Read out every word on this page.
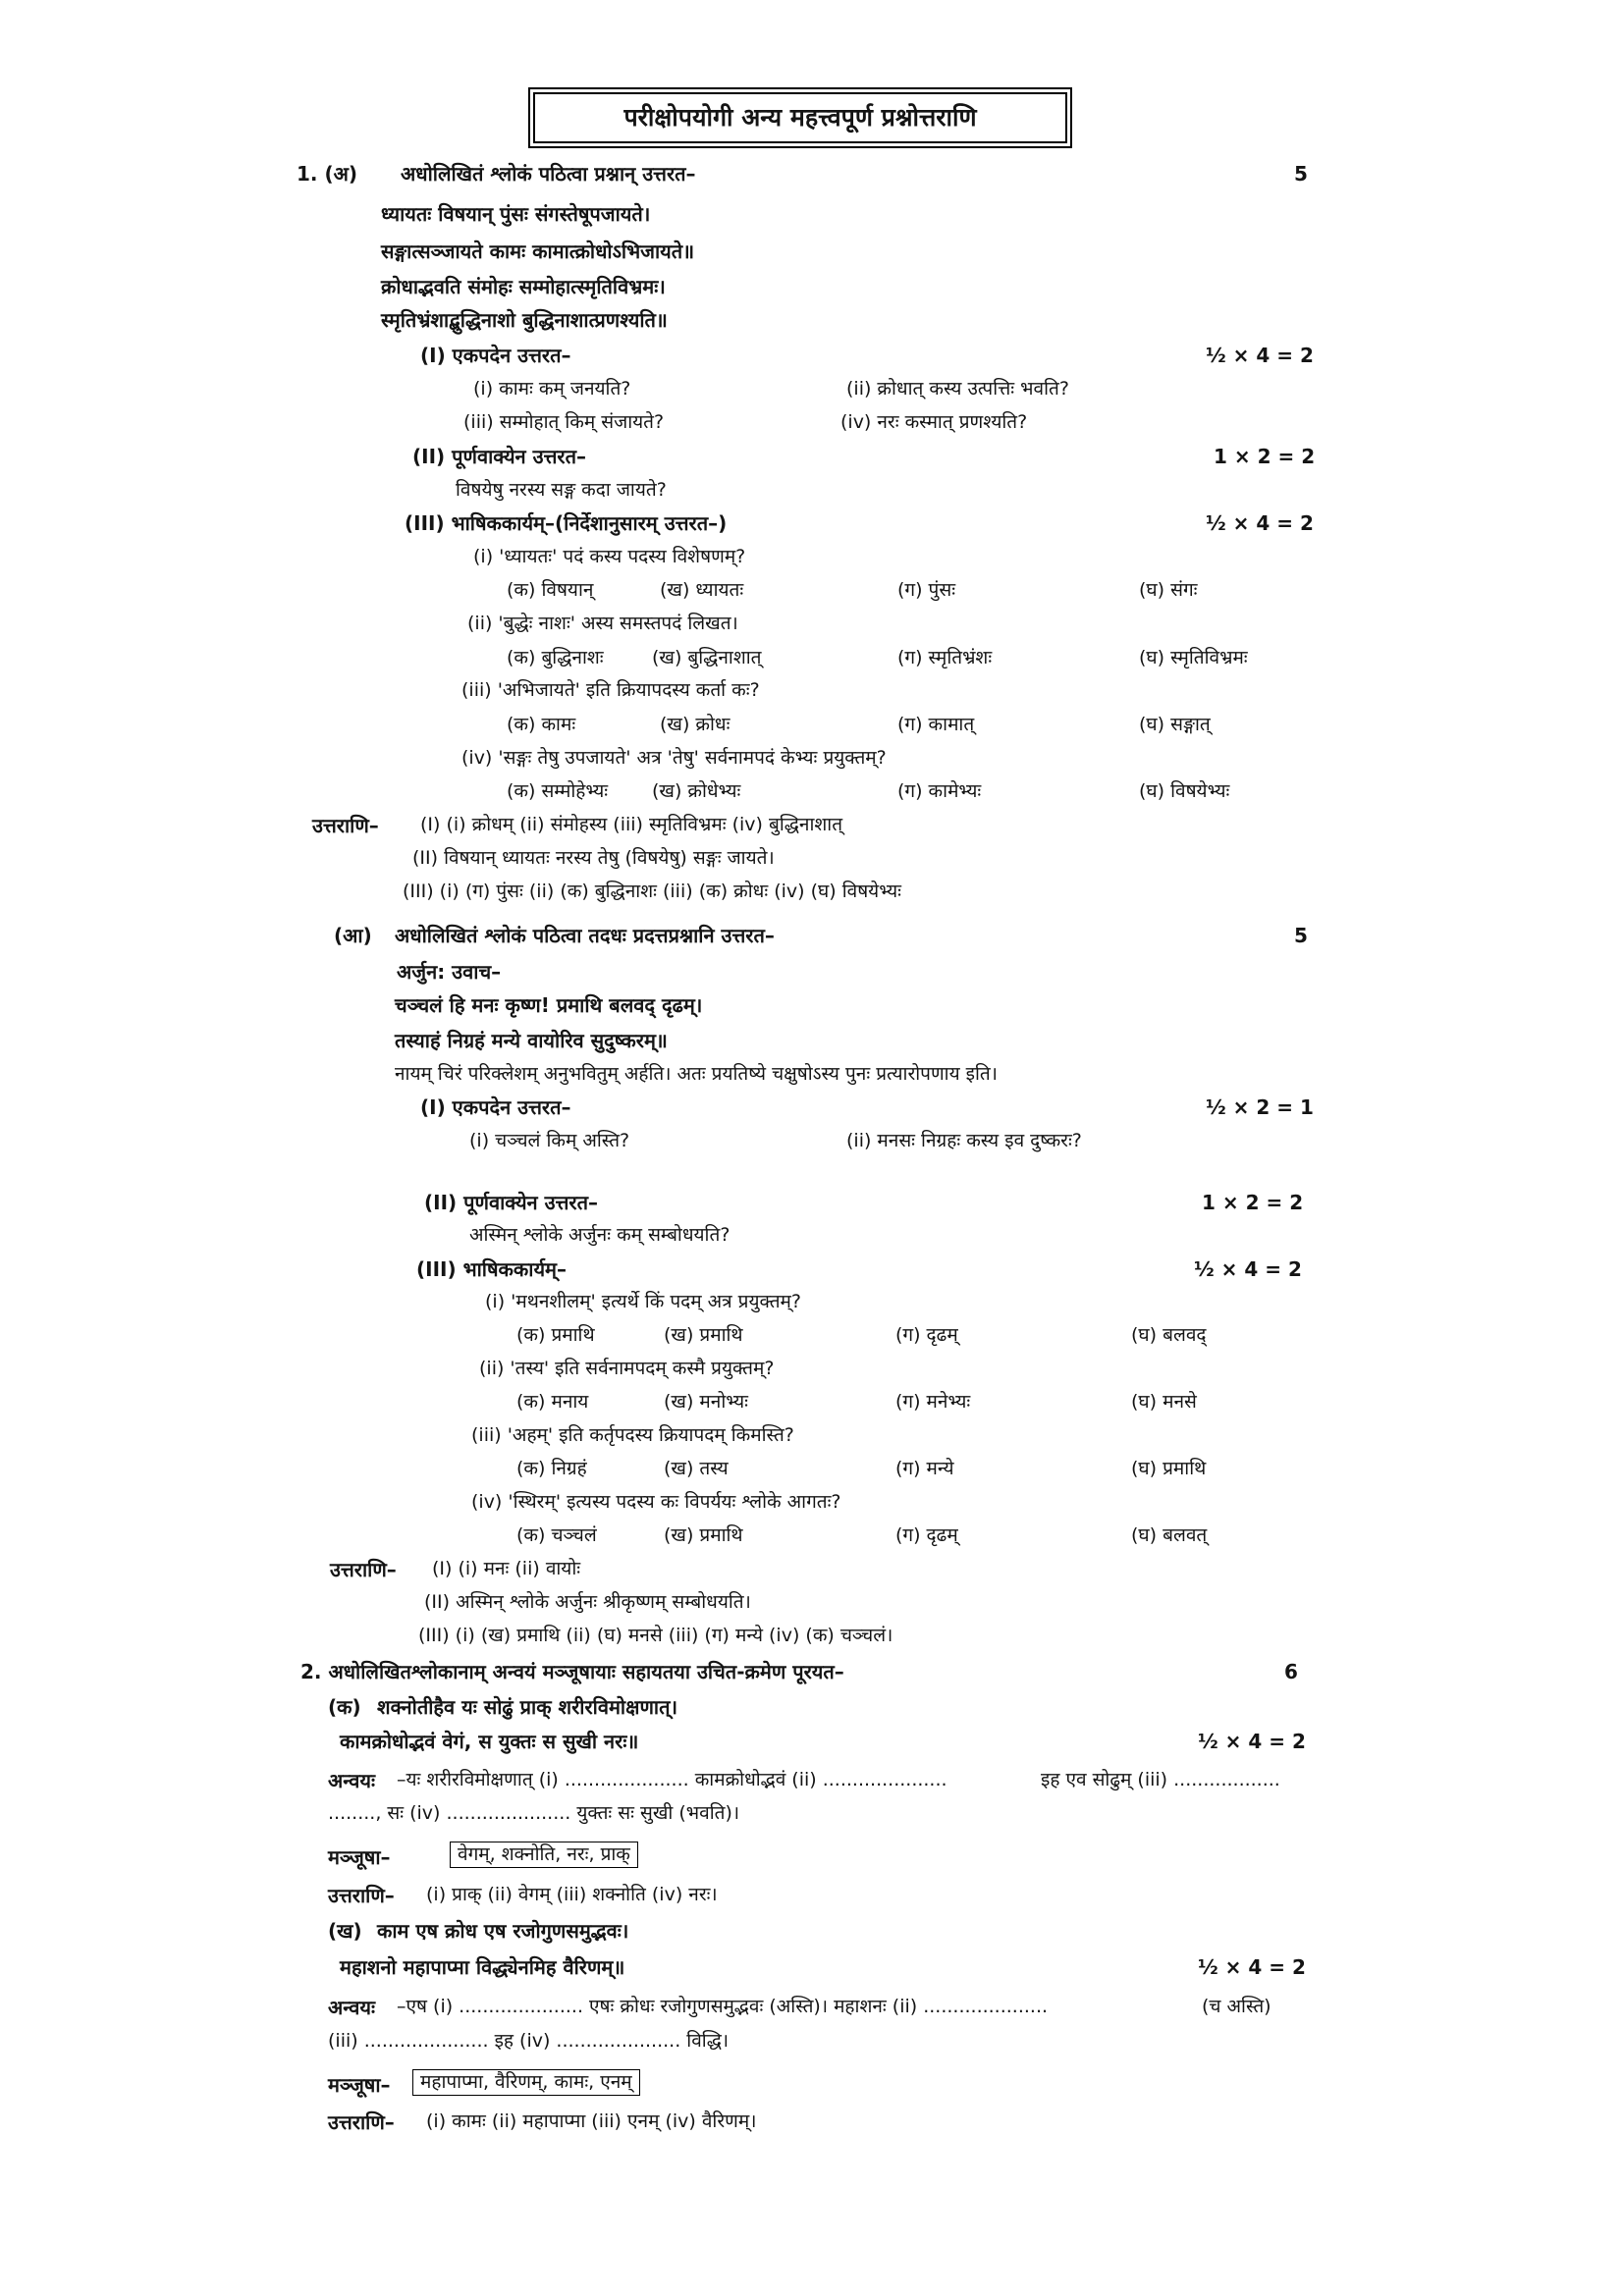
परीक्षोपयोगी अन्य महत्त्वपूर्ण प्रश्नोत्तराणि
1. (अ) अधोलिखितं श्लोकं पठित्वा प्रश्नान् उत्तरत–	5
ध्यायतः विषयान् पुंसः संगस्तेषूपजायते।
सङ्गात्सञ्जायते कामः कामात्क्रोधोऽभिजायते॥
क्रोधाद्भवति संमोहः सम्मोहात्स्मृतिविभ्रमः।
स्मृतिभ्रंशाद्बुद्धिनाशो बुद्धिनाशात्प्रणश्यति॥
(I) एकपदेन उत्तरत–	½ × 4 = 2
(i) कामः कम् जनयति?	(ii) क्रोधात् कस्य उत्पत्तिः भवति?
(iii) सम्मोहात् किम् संजायते?	(iv) नरः कस्मात् प्रणश्यति?
(II) पूर्णवाक्येन उत्तरत–	1 × 2 = 2
विषयेषु नरस्य सङ्ग कदा जायते?
(III) भाषिककार्यम्–(निर्देशानुसारम् उत्तरत–)	½ × 4 = 2
(i) 'ध्यायतः' पदं कस्य पदस्य विशेषणम्?
(क) विषयान्	(ख) ध्यायतः	(ग) पुंसः	(घ) संगः
(ii) 'बुद्धेः नाशः' अस्य समस्तपदं लिखत।
(क) बुद्धिनाशः	(ख) बुद्धिनाशात्	(ग) स्मृतिभ्रंशः	(घ) स्मृतिविभ्रमः
(iii) 'अभिजायते' इति क्रियापदस्य कर्ता कः?
(क) कामः	(ख) क्रोधः	(ग) कामात्	(घ) सङ्गात्
(iv) 'सङ्गः तेषु उपजायते' अत्र 'तेषु' सर्वनामपदं केभ्यः प्रयुक्तम्?
(क) सम्मोहेभ्यः (ख) क्रोधेभ्यः	(ग) कामेभ्यः	(घ) विषयेभ्यः
उत्तराणि– (I) (i) क्रोधम् (ii) संमोहस्य (iii) स्मृतिविभ्रमः (iv) बुद्धिनाशात्
(II) विषयान् ध्यायतः नरस्य तेषु (विषयेषु) सङ्गः जायते।
(III) (i) (ग) पुंसः (ii) (क) बुद्धिनाशः (iii) (क) क्रोधः (iv) (घ) विषयेभ्यः
(आ) अधोलिखितं श्लोकं पठित्वा तदधः प्रदत्तप्रश्नानि उत्तरत–	5
अर्जुन: उवाच–
चञ्चलं हि मनः कृष्ण! प्रमाथि बलवद् दृढम्।
तस्याहं निग्रहं मन्ये वायोरिव सुदुष्करम्॥
नायम् चिरं परिक्लेशम् अनुभवितुम् अर्हति। अतः प्रयतिष्ये चक्षुषोऽस्य पुनः प्रत्यारोपणाय इति।
(I) एकपदेन उत्तरत–	½ × 2 = 1
(i) चञ्चलं किम् अस्ति?	(ii) मनसः निग्रहः कस्य इव दुष्करः?
(II) पूर्णवाक्येन उत्तरत–	1 × 2 = 2
अस्मिन् श्लोके अर्जुनः कम् सम्बोधयति?
(III) भाषिककार्यम्–	½ × 4 = 2
(i) 'मथनशीलम्' इत्यर्थे किं पदम् अत्र प्रयुक्तम्?
(क) प्रमाथि	(ख) प्रमाथि	(ग) दृढम्	(घ) बलवद्
(ii) 'तस्य' इति सर्वनामपदम् कस्मै प्रयुक्तम्?
(क) मनाय	(ख) मनोभ्यः	(ग) मनेभ्यः	(घ) मनसे
(iii) 'अहम्' इति कर्तृपदस्य क्रियापदम् किमस्ति?
(क) निग्रहं	(ख) तस्य	(ग) मन्ये	(घ) प्रमाथि
(iv) 'स्थिरम्' इत्यस्य पदस्य कः विपर्ययः श्लोके आगतः?
(क) चञ्चलं	(ख) प्रमाथि	(ग) दृढम्	(घ) बलवत्
उत्तराणि– (I) (i) मनः (ii) वायोः
(II) अस्मिन् श्लोके अर्जुनः श्रीकृष्णम् सम्बोधयति।
(III) (i) (ख) प्रमाथि (ii) (घ) मनसे (iii) (ग) मन्ये (iv) (क) चञ्चलं।
2. अधोलिखितश्लोकानाम् अन्वयं मञ्जूषायाः सहायतया उचित-क्रमेण पूरयत–	6
(क) शक्नोतीहैव यः सोढुं प्राक् शरीरविमोक्षणात्।
कामक्रोधोद्भवं वेगं, स युक्तः स सुखी नरः॥	½ × 4 = 2
अन्वयः –यः शरीरविमोक्षणात् (i) ..................... कामक्रोधोद्भवं (ii) .....................	इह एव सोढुम् (iii) ..................
........, सः (iv) ..................... युक्तः सः सुखी (भवति)।
मञ्जूषा–	वेगम्, शक्नोति, नरः, प्राक्
उत्तराणि– (i) प्राक् (ii) वेगम् (iii) शक्नोति (iv) नरः।
(ख) काम एष क्रोध एष रजोगुणसमुद्भवः।
महाशनो महापाप्मा विद्ध्येनमिह वैरिणम्॥	½ × 4 = 2
अन्वयः –एष (i) ..................... एषः क्रोधः रजोगुणसमुद्भवः (अस्ति)। महाशनः (ii) .....................	(च अस्ति)
(iii) ..................... इह (iv) ..................... विद्धि।
मञ्जूषा–	महापाप्मा, वैरिणम्, कामः, एनम्
उत्तराणि– (i) कामः (ii) महापाप्मा (iii) एनम् (iv) वैरिणम्।
